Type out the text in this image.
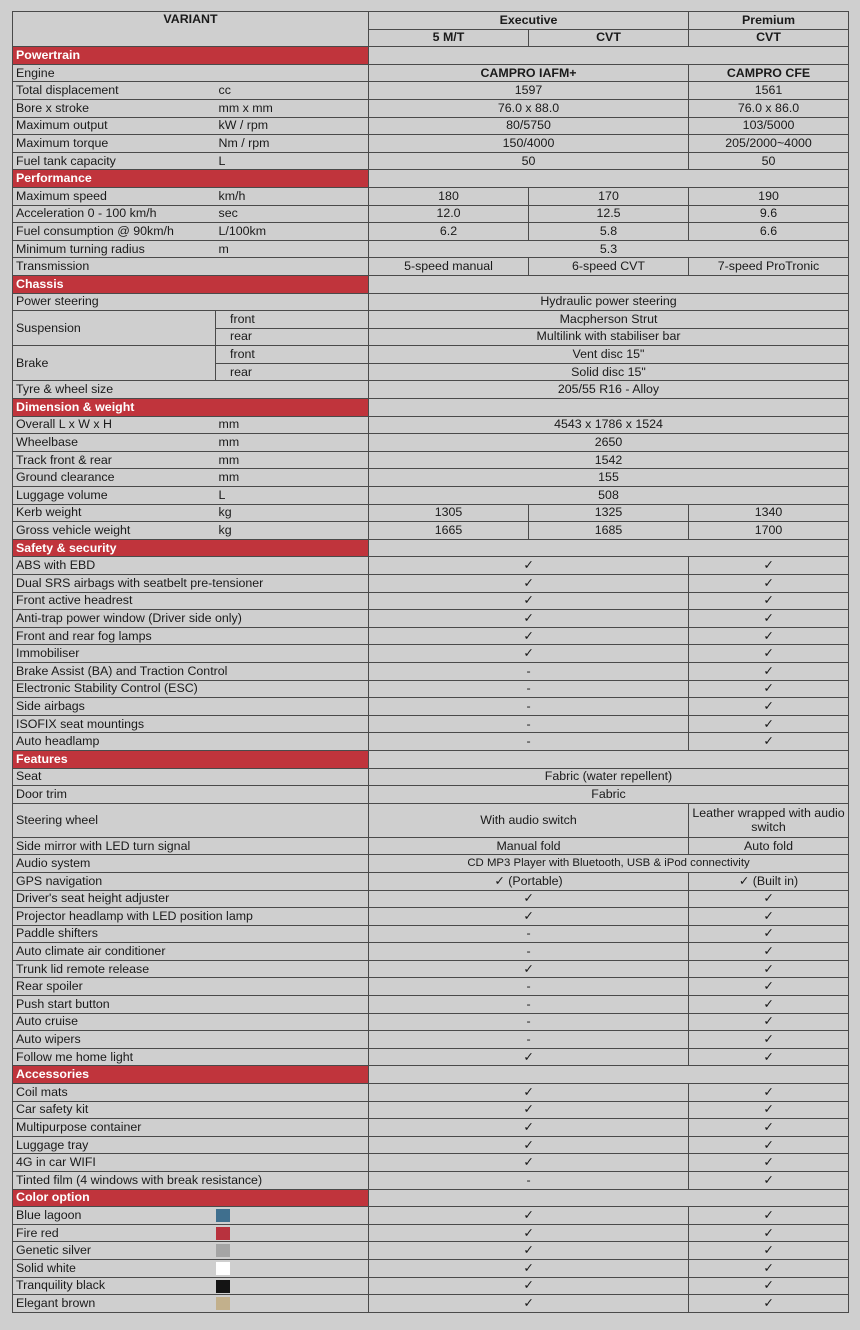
VARIANT		Executive		Premium
		5 M/T	CVT	CVT
Powertrain				
Engine		CAMPRO IAFM+		CAMPRO CFE
Total displacement	cc	1597		1561
Bore x stroke	mm x mm	76.0 x 88.0		76.0 x 86.0
Maximum output	kW / rpm	80/5750		103/5000
Maximum torque	Nm / rpm	150/4000		205/2000~4000
Fuel tank capacity	L	50		50
Performance				
Maximum speed	km/h	180	170	190
Acceleration 0 - 100 km/h	sec	12.0	12.5	9.6
Fuel consumption @ 90km/h	L/100km	6.2	5.8	6.6
Minimum turning radius	m	5.3		
Transmission		5-speed manual	6-speed CVT	7-speed ProTronic
Chassis				
Power steering		Hydraulic power steering		
Suspension	front	Macpherson Strut		
	rear	Multilink with stabiliser bar		
Brake	front	Vent disc 15"		
	rear	Solid disc 15"		
Tyre & wheel size		205/55 R16 - Alloy		
Dimension & weight				
Overall L x W x H	mm	4543 x 1786 x 1524		
Wheelbase	mm	2650		
Track front & rear	mm	1542		
Ground clearance	mm	155		
Luggage volume	L	508		
Kerb weight	kg	1305	1325	1340
Gross vehicle weight	kg	1665	1685	1700
Safety & security				
ABS with EBD		✓		✓
Dual SRS airbags with seatbelt pre-tensioner		✓		✓
Front active headrest		✓		✓
Anti-trap power window (Driver side only)		✓		✓
Front and rear fog lamps		✓		✓
Immobiliser		✓		✓
Brake Assist (BA) and Traction Control		-		✓
Electronic Stability Control (ESC)		-		✓
Side airbags		-		✓
ISOFIX seat mountings		-		✓
Auto headlamp		-		✓
Features				
Seat		Fabric (water repellent)		
Door trim		Fabric		
Steering wheel		With audio switch		Leather wrapped with audio switch
Side mirror with LED turn signal		Manual fold		Auto fold
Audio system		CD MP3 Player with Bluetooth, USB & iPod connectivity		
GPS navigation		✓ (Portable)		✓ (Built in)
Driver's seat height adjuster		✓		✓
Projector headlamp with LED position lamp		✓		✓
Paddle shifters		-		✓
Auto climate air conditioner		-		✓
Trunk lid remote release		✓		✓
Rear spoiler		-		✓
Push start button		-		✓
Auto cruise		-		✓
Auto wipers		-		✓
Follow me home light		✓		✓
Accessories				
Coil mats		✓		✓
Car safety kit		✓		✓
Multipurpose container		✓		✓
Luggage tray		✓		✓
4G in car WIFI		✓		✓
Tinted film (4 windows with break resistance)		-		✓
Color option				
Blue lagoon		✓		✓
Fire red		✓		✓
Genetic silver		✓		✓
Solid white		✓		✓
Tranquility black		✓		✓
Elegant brown		✓		✓
